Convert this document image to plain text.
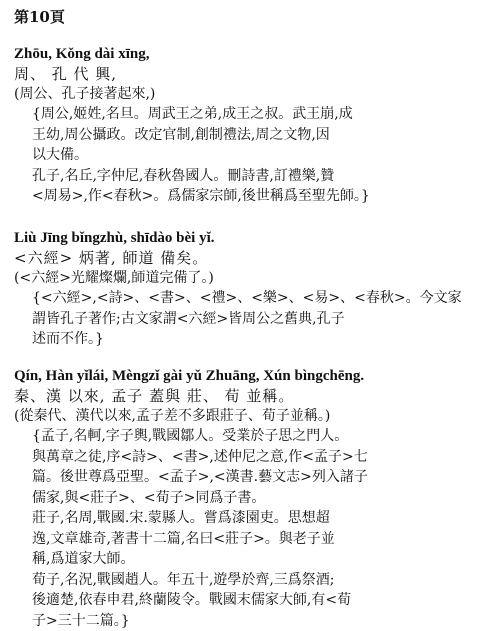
第10頁
Zhōu, Kǒng dài xīng,
周、 孔 代 興,
(周公、孔子接著起來,)
{周公,姬姓,名旦。周武王之弟,成王之叔。武王崩,成
王幼,周公攝政。改定官制,創制禮法,周之文物,因
以大備。
孔子,名丘,字仲尼,春秋魯國人。刪詩書,訂禮樂,贊
<周易>,作<春秋>。爲儒家宗師,後世稱爲至聖先師。}
Liù Jīng bǐngzhù, shīdào bèi yǐ.
<六經> 炳著, 師道 備矣。
(<六經>光耀燦爛,師道完備了。)
{<六經>,<詩>、<書>、<禮>、<樂>、<易>、<春秋>。今文家
謂皆孔子著作;古文家謂<六經>皆周公之舊典,孔子
述而不作。}
Qín, Hàn yǐlái, Mèngzǐ gài yǔ Zhuāng, Xún bìngchēng.
秦、漢 以來, 孟子 蓋與 莊、 荀 並稱。
(從秦代、漢代以來,孟子差不多跟莊子、荀子並稱。)
{孟子,名軻,字子輿,戰國鄒人。受業於子思之門人。
與萬章之徒,序<詩>、<書>,述仲尼之意,作<孟子>七
篇。後世尊爲亞聖。<孟子>,<漢書.藝文志>列入諸子
儒家,與<莊子>、<荀子>同爲子書。
莊子,名周,戰國.宋.蒙縣人。嘗爲漆園吏。思想超
逸,文章雄奇,著書十二篇,名曰<莊子>。與老子並
稱,爲道家大師。
荀子,名況,戰國趙人。年五十,遊學於齊,三爲祭酒;
後適楚,依春申君,終蘭陵令。戰國末儒家大師,有<荀
子>三十二篇。}
